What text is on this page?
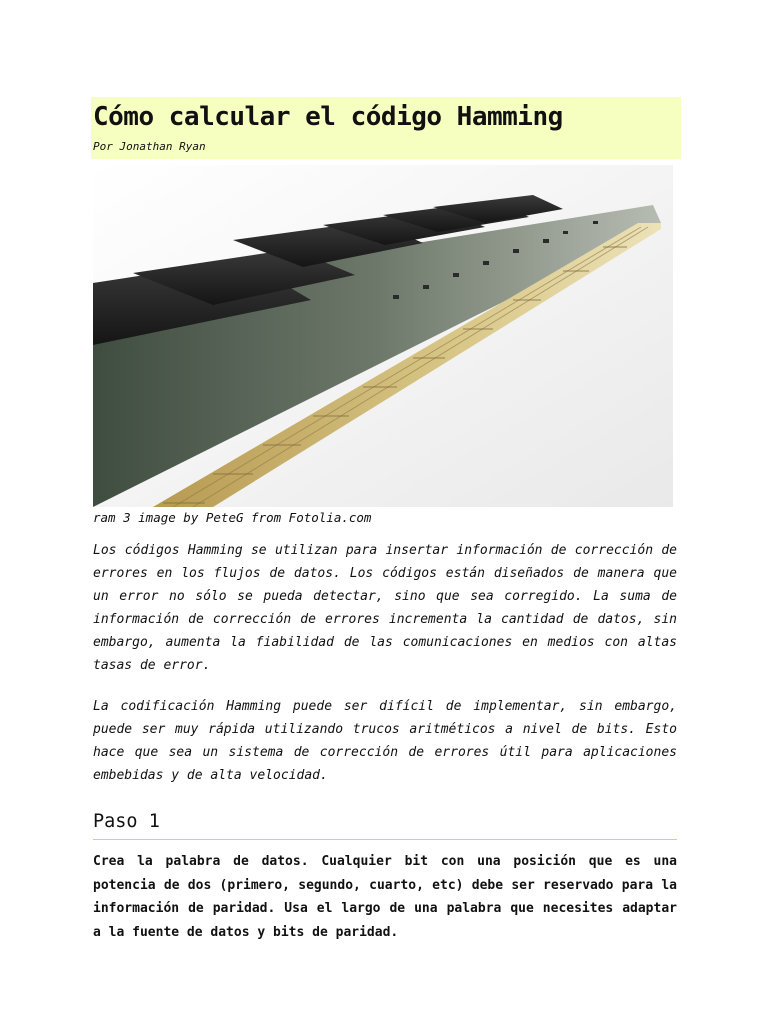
Cómo calcular el código Hamming
Por Jonathan Ryan
ram 3 image by PeteG from Fotolia.com

Los códigos Hamming se utilizan para insertar información de corrección de errores en los flujos de datos. Los códigos están diseñados de manera que un error no sólo se pueda detectar, sino que sea corregido. La suma de información de corrección de errores incrementa la cantidad de datos, sin embargo, aumenta la fiabilidad de las comunicaciones en medios con altas tasas de error.

La codificación Hamming puede ser difícil de implementar, sin embargo, puede ser muy rápida utilizando trucos aritméticos a nivel de bits. Esto hace que sea un sistema de corrección de errores útil para aplicaciones embebidas y de alta velocidad.

Paso 1

Crea la palabra de datos. Cualquier bit con una posición que es una potencia de dos (primero, segundo, cuarto, etc) debe ser reservado para la información de paridad. Usa el largo de una palabra que necesites adaptar a la fuente de datos y bits de paridad.
